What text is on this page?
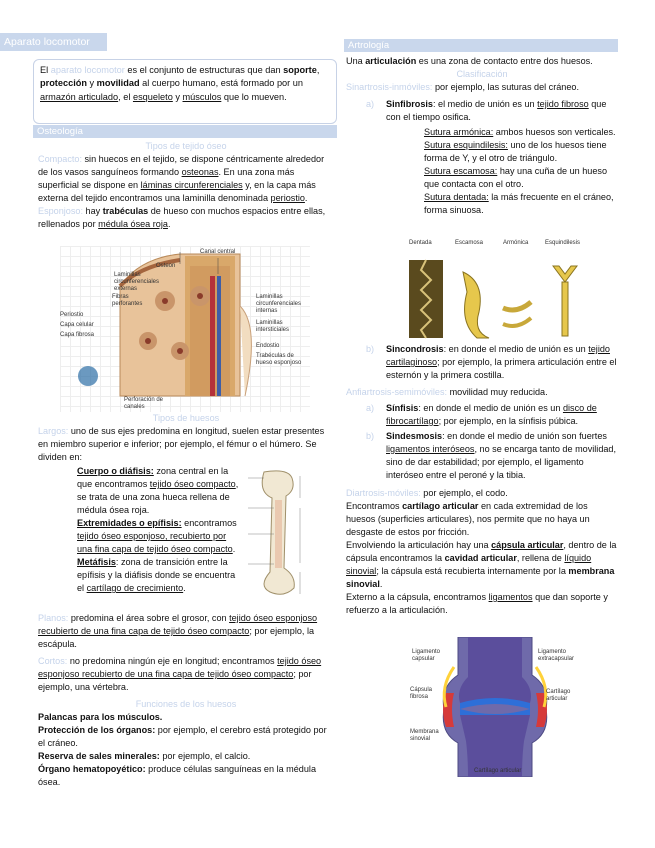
Aparato locomotor
El aparato locomotor es el conjunto de estructuras que dan soporte, protección y movilidad al cuerpo humano, está formado por un armazón articulado, el esqueleto y músculos que lo mueven.
Osteología

Tipos de tejido óseo

Compacto: sin huecos en el tejido, se dispone céntricamente alrededor de los vasos sanguíneos formando osteonas. En una zona más superficial se dispone en láminas circunferenciales y, en la capa más externa del tejido encontramos una laminilla denominada periostio.

Esponjoso: hay trabéculas de hueso con muchos espacios entre ellas, rellenados por médula ósea roja.

Osteon
Canal central
Laminillas circunferenciales externas
Fibras perforantes
Periostio
Capa celular
Capa fibrosa
Laminillas circunferenciales internas
Laminillas intersticiales
Endostio
Trabéculas de hueso esponjoso
Perforación de canales

Tipos de huesos

Largos: uno de sus ejes predomina en longitud, suelen estar presentes en miembro superior e inferior; por ejemplo, el fémur o el húmero. Se dividen en:

Cuerpo o diáfisis: zona central en la que encontramos tejido óseo compacto, se trata de una zona hueca rellena de médula ósea roja.

Extremidades o epífisis: encontramos tejido óseo esponjoso, recubierto por una fina capa de tejido óseo compacto.

Metáfisis: zona de transición entre la epífisis y la diáfisis donde se encuentra el cartílago de crecimiento.

Planos: predomina el área sobre el grosor, con tejido óseo esponjoso recubierto de una fina capa de tejido óseo compacto; por ejemplo, la escápula.

Cortos: no predomina ningún eje en longitud; encontramos tejido óseo esponjoso recubierto de una fina capa de tejido óseo compacto; por ejemplo, una vértebra.

Funciones de los huesos

Palancas para los músculos.

Protección de los órganos: por ejemplo, el cerebro está protegido por el cráneo.

Reserva de sales minerales: por ejemplo, el calcio.

Órgano hematopoyético: produce células sanguíneas en la médula ósea.

Artrología

Una articulación es una zona de contacto entre dos huesos.

Clasificación

Sinartrosis-inmóviles: por ejemplo, las suturas del cráneo.

a) Sinfibrosis: el medio de unión es un tejido fibroso que con el tiempo osifica.

Sutura armónica: ambos huesos son verticales.

Sutura esquindilesis: uno de los huesos tiene forma de Y, y el otro de triángulo.

Sutura escamosa: hay una cuña de un hueso que contacta con el otro.

Sutura dentada: la más frecuente en el cráneo, forma sinuosa.

Dentada	Escamosa	Armónica	Esquindilesis
b) Sincondrosis: en donde el medio de unión es un tejido cartilaginoso; por ejemplo, la primera articulación entre el esternón y la primera costilla.

Anfiartrosis-semimóviles: movilidad muy reducida.

a) Sínfisis: en donde el medio de unión es un disco de fibrocartílago; por ejemplo, en la sínfisis púbica.

b) Sindesmosis: en donde el medio de unión son fuertes ligamentos interóseos, no se encarga tanto de movilidad, sino de dar estabilidad; por ejemplo, el ligamento interóseo entre el peroné y la tibia.

Diartrosis-móviles: por ejemplo, el codo.

Encontramos cartílago articular en cada extremidad de los huesos (superficies articulares), nos permite que no haya un desgaste de estos por fricción.

Envolviendo la articulación hay una cápsula articular, dentro de la cápsula encontramos la cavidad articular, rellena de líquido sinovial; la cápsula está recubierta internamente por la membrana sinovial.

Externo a la cápsula, encontramos ligamentos que dan soporte y refuerzo a la articulación.

Ligamento capsular
Ligamento extracapsular
Cápsula fibrosa
Cartílago articular
Membrana sinovial
Cartílago articular
